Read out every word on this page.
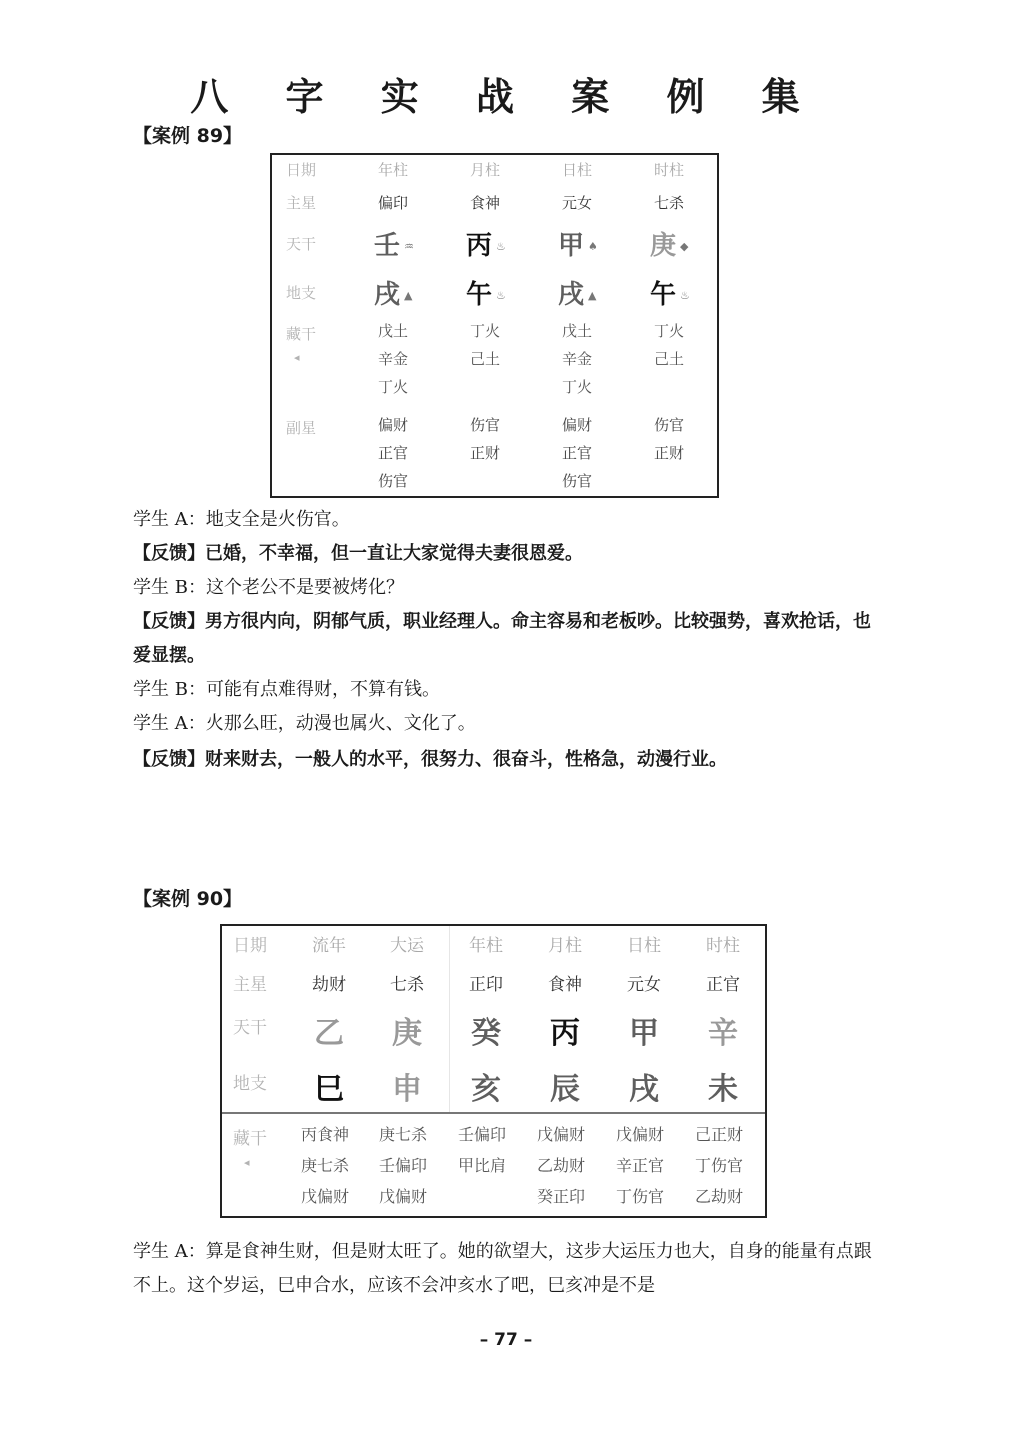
八 字 实 战 案 例 集
【案例 89】
日期
主星
天干
地支
藏干
◂
副星
年柱
偏印
壬 ♒
戌 ▲
戊土
辛金
丁火
偏财
正官
伤官
月柱
食神
丙 ♨
午 ♨
丁火
己土
伤官
正财
日柱
元女
甲 ♠
戌 ▲
戊土
辛金
丁火
偏财
正官
伤官
时柱
七杀
庚 ◆
午 ♨
丁火
己土
伤官
正财
学生 A：地支全是火伤官。
【反馈】已婚，不幸福，但一直让大家觉得夫妻很恩爱。
学生 B：这个老公不是要被烤化？
【反馈】男方很内向，阴郁气质，职业经理人。命主容易和老板吵。比较强势，喜欢抢话，也爱显摆。
学生 B：可能有点难得财，不算有钱。
学生 A：火那么旺，动漫也属火、文化了。
【反馈】财来财去，一般人的水平，很努力、很奋斗，性格急，动漫行业。
【案例 90】
日期
主星
天干
地支
藏干
◂
流年
劫财
乙
巳
丙食神
庚七杀
戊偏财
大运
七杀
庚
申
庚七杀
壬偏印
戊偏财
年柱
正印
癸
亥
壬偏印
甲比肩
月柱
食神
丙
辰
戊偏财
乙劫财
癸正印
日柱
元女
甲
戌
戊偏财
辛正官
丁伤官
时柱
正官
辛
未
己正财
丁伤官
乙劫财
学生 A：算是食神生财，但是财太旺了。她的欲望大，这步大运压力也大，自身的能量有点跟不上。这个岁运，巳申合水，应该不会冲亥水了吧，巳亥冲是不是
– 77 –
